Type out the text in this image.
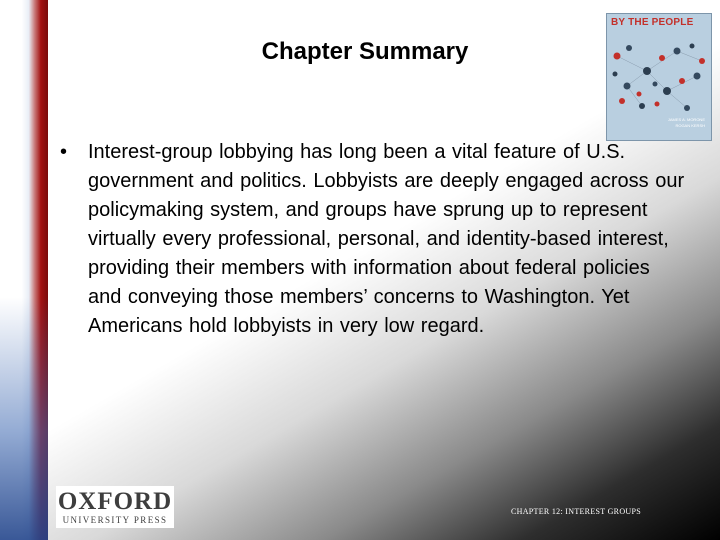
Chapter Summary
BY THE PEOPLE
JAMES A. MORONE
ROGAN KERSH
• Interest-group lobbying has long been a vital feature of U.S. government and politics. Lobbyists are deeply engaged across our policymaking system, and groups have sprung up to represent virtually every professional, personal, and identity-based interest, providing their members with information about federal policies and conveying those members’ concerns to Washington. Yet Americans hold lobbyists in very low regard.
OXFORD
UNIVERSITY PRESS
CHAPTER 12: INTEREST GROUPS
